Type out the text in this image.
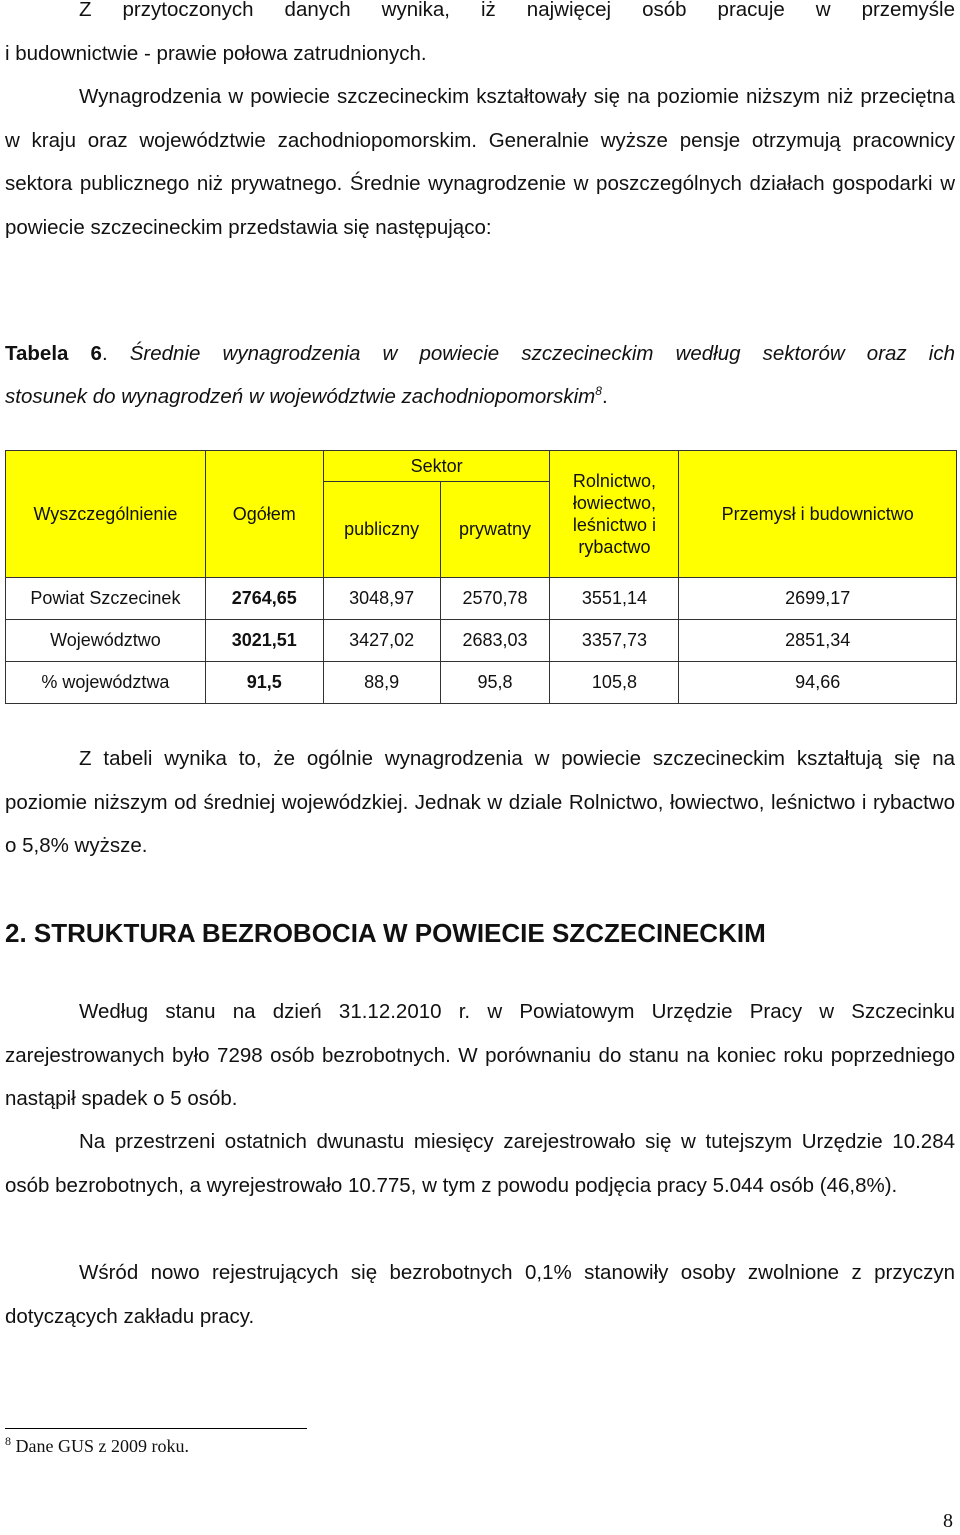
Z przytoczonych danych wynika, iż najwięcej osób pracuje w przemyśle

i budownictwie - prawie połowa zatrudnionych.

Wynagrodzenia w powiecie szczecineckim kształtowały się na poziomie niższym niż przeciętna w kraju oraz województwie zachodniopomorskim. Generalnie wyższe pensje otrzymują pracownicy sektora publicznego niż prywatnego. Średnie wynagrodzenie w poszczególnych działach gospodarki w powiecie szczecineckim przedstawia się następująco:

Tabela 6. Średnie wynagrodzenia w powiecie szczecineckim według sektorów oraz ich

stosunek do wynagrodzeń w województwie zachodniopomorskim$^8$.

Wyszczególnienie	Ogółem	Sektor		Rolnictwo, łowiectwo, leśnictwo i rybactwo	Przemysł i budownictwo
		publiczny	prywatny		
Powiat Szczecinek	2764,65	3048,97	2570,78	3551,14	2699,17
Województwo	3021,51	3427,02	2683,03	3357,73	2851,34
% województwa	91,5	88,9	95,8	105,8	94,66

Z tabeli wynika to, że ogólnie wynagrodzenia w powiecie szczecineckim kształtują się na poziomie niższym od średniej wojewódzkiej. Jednak w dziale Rolnictwo, łowiectwo, leśnictwo i rybactwo o 5,8% wyższe.

2. STRUKTURA BEZROBOCIA W POWIECIE SZCZECINECKIM

Według stanu na dzień 31.12.2010 r. w Powiatowym Urzędzie Pracy w Szczecinku zarejestrowanych było 7298 osób bezrobotnych. W porównaniu do stanu na koniec roku poprzedniego nastąpił spadek o 5 osób.

Na przestrzeni ostatnich dwunastu miesięcy zarejestrowało się w tutejszym Urzędzie 10.284 osób bezrobotnych, a wyrejestrowało 10.775, w tym z powodu podjęcia pracy 5.044 osób (46,8%).

Wśród nowo rejestrujących się bezrobotnych 0,1% stanowiły osoby zwolnione z przyczyn dotyczących zakładu pracy.

$^8$ Dane GUS z 2009 roku.
8
